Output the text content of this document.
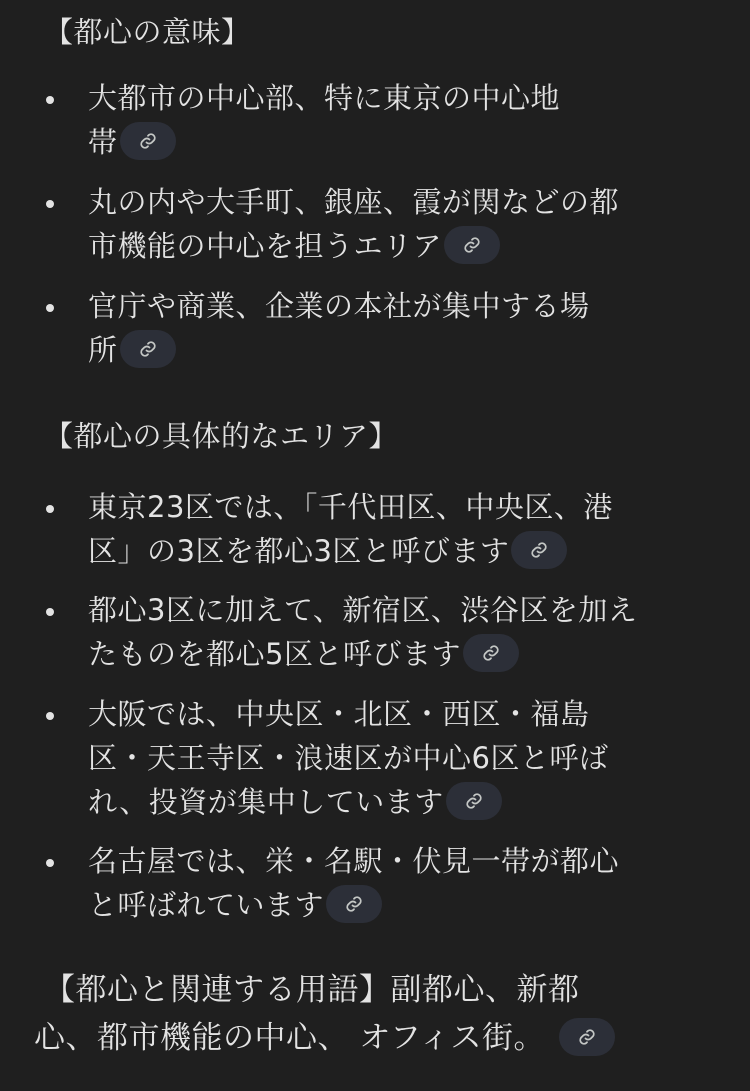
【都心の意味】
大都市の中心部、特に東京の中心地
帯
丸の内や大手町、銀座、霞が関などの都
市機能の中心を担うエリア
官庁や商業、企業の本社が集中する場
所
【都心の具体的なエリア】
東京23区では、「千代田区、中央区、港
区」の3区を都心3区と呼びます
都心3区に加えて、新宿区、渋谷区を加え
たものを都心5区と呼びます
大阪では、中央区・北区・西区・福島
区・天王寺区・浪速区が中心6区と呼ば
れ、投資が集中しています
名古屋では、栄・名駅・伏見一帯が都心
と呼ばれています
【都心と関連する用語】副都心、新都
心、都市機能の中心、 オフィス街。
